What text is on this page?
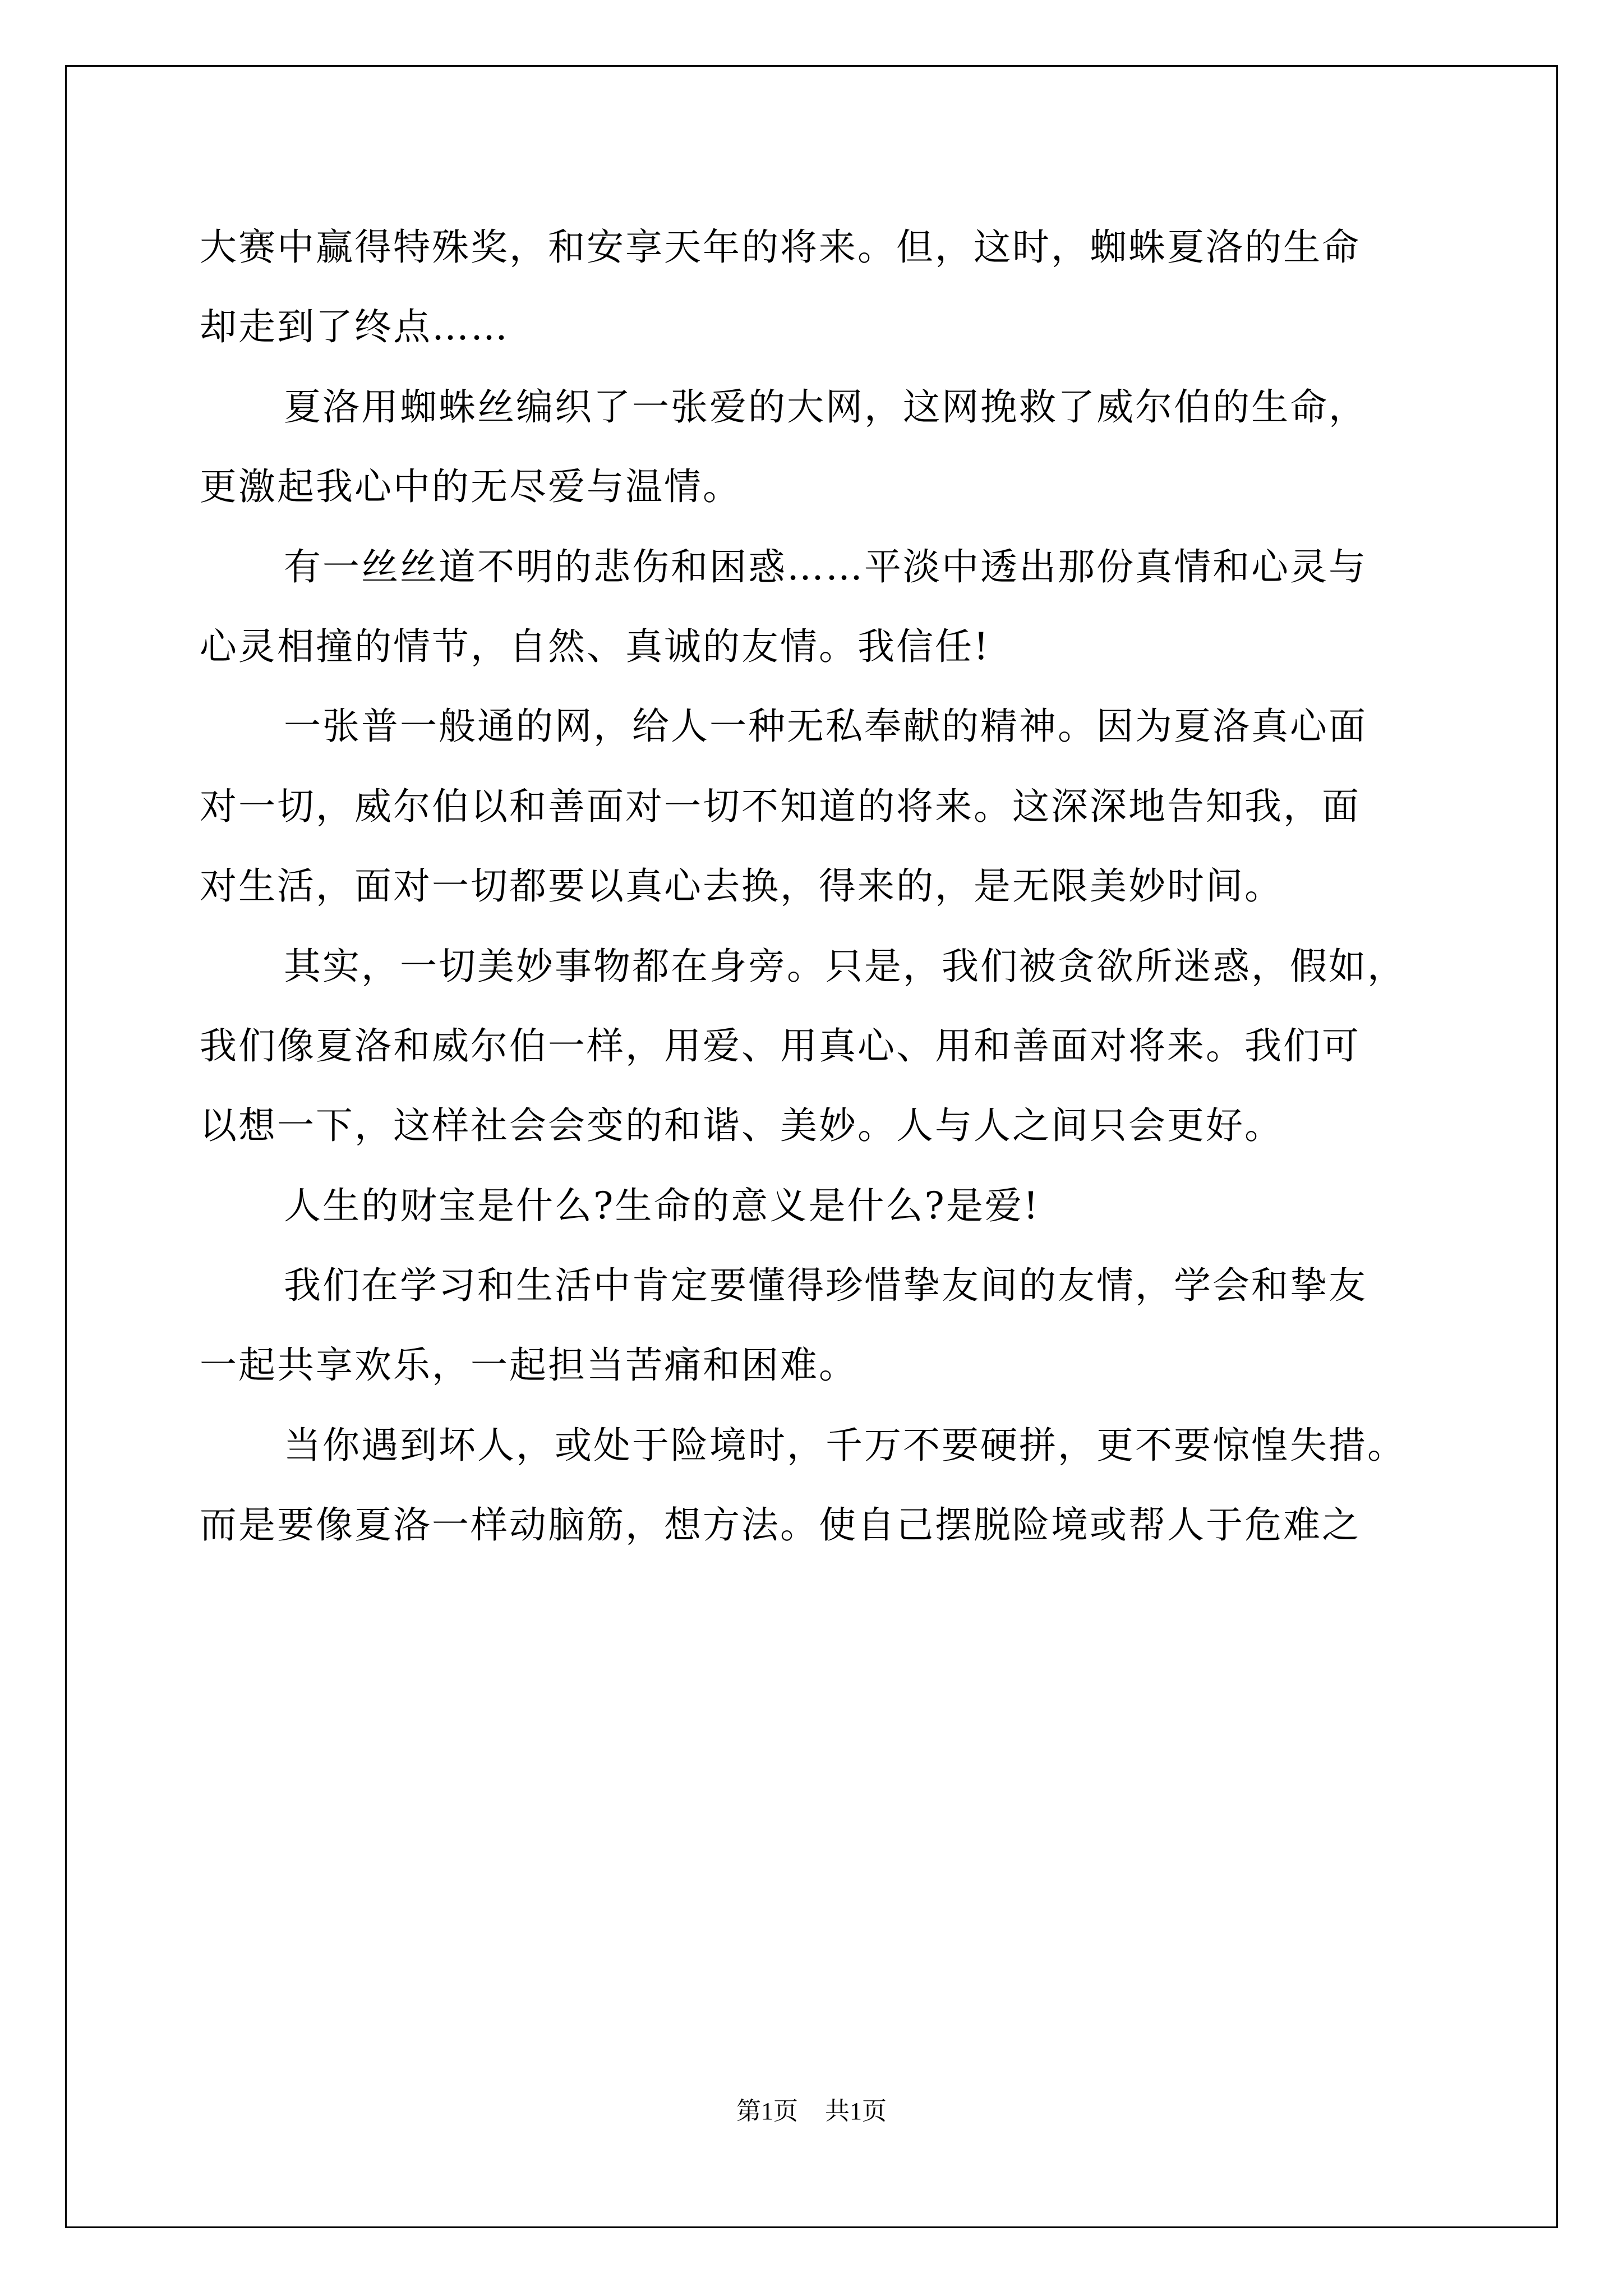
大赛中赢得特殊奖，和安享天年的将来。但，这时，蜘蛛夏洛的生命
却走到了终点……
夏洛用蜘蛛丝编织了一张爱的大网，这网挽救了威尔伯的生命，
更激起我心中的无尽爱与温情。
有一丝丝道不明的悲伤和困惑……平淡中透出那份真情和心灵与
心灵相撞的情节，自然、真诚的友情。我信任!
一张普一般通的网，给人一种无私奉献的精神。因为夏洛真心面
对一切，威尔伯以和善面对一切不知道的将来。这深深地告知我，面
对生活，面对一切都要以真心去换，得来的，是无限美妙时间。
其实，一切美妙事物都在身旁。只是，我们被贪欲所迷惑，假如，
我们像夏洛和威尔伯一样，用爱、用真心、用和善面对将来。我们可
以想一下，这样社会会变的和谐、美妙。人与人之间只会更好。
人生的财宝是什么?生命的意义是什么?是爱!
我们在学习和生活中肯定要懂得珍惜挚友间的友情，学会和挚友
一起共享欢乐，一起担当苦痛和困难。
当你遇到坏人，或处于险境时，千万不要硬拼，更不要惊惶失措。
而是要像夏洛一样动脑筋，想方法。使自己摆脱险境或帮人于危难之
第1页 共1页
